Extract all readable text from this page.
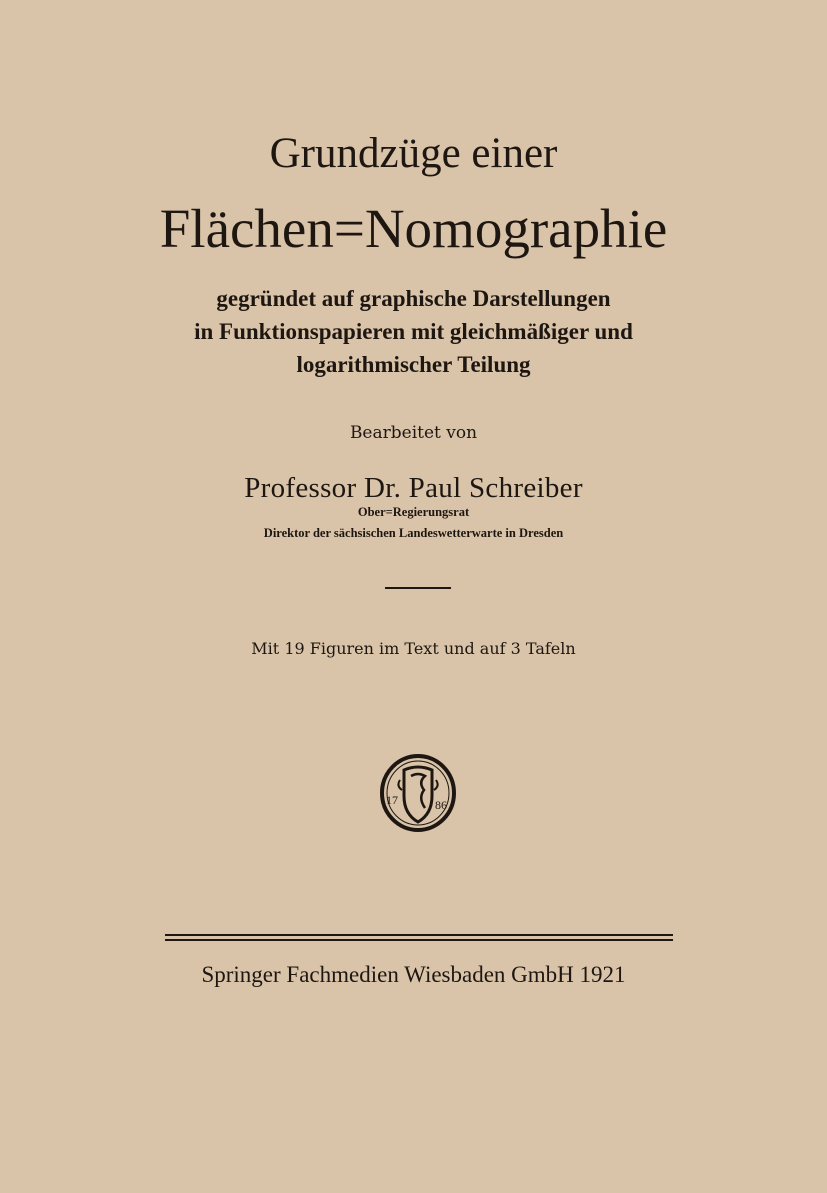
Grundzüge einer
Flächen=Nomographie
gegründet auf graphische Darstellungen
in Funktionspapieren mit gleichmäßiger und
logarithmischer Teilung
Bearbeitet von
Professor Dr. Paul Schreiber
Ober=Regierungsrat
Direktor der sächsischen Landeswetterwarte in Dresden
Mit 19 Figuren im Text und auf 3 Tafeln
17	86
Springer Fachmedien Wiesbaden GmbH 1921
